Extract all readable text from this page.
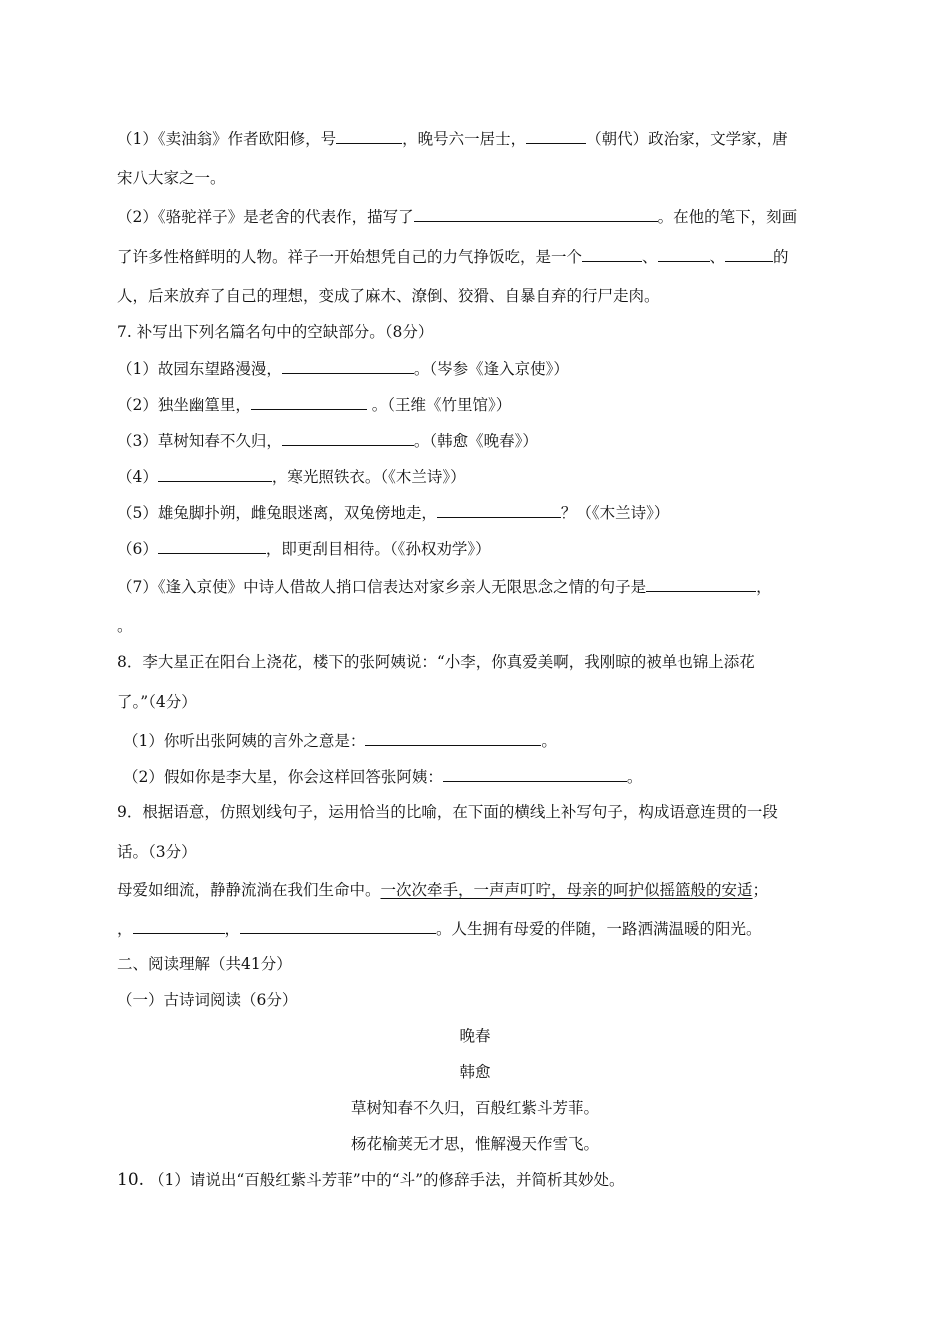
（1）《卖油翁》作者欧阳修，号	，晚号六一居士，	（朝代）政治家，文学家，唐
宋八大家之一。
（2）《骆驼祥子》是老舍的代表作，描写了	。在他的笔下，刻画
了许多性格鲜明的人物。祥子一开始想凭自己的力气挣饭吃，是一个	、	、	的
人，后来放弃了自己的理想，变成了麻木、潦倒、狡猾、自暴自弃的行尸走肉。
7. 补写出下列名篇名句中的空缺部分。（8分）
（1）故园东望路漫漫，	。（岑参《逢入京使》）
（2）独坐幽篁里，	。（王维《竹里馆》）
（3）草树知春不久归，	。（韩愈《晚春》）
（4）	，寒光照铁衣。（《木兰诗》）
（5）雄兔脚扑朔，雌兔眼迷离，双兔傍地走，	？（《木兰诗》）
（6）	，即更刮目相待。（《孙权劝学》）
（7）《逢入京使》中诗人借故人捎口信表达对家乡亲人无限思念之情的句子是	，
。
8．李大星正在阳台上浇花，楼下的张阿姨说：“小李，你真爱美啊，我刚晾的被单也锦上添花
了。”（4分）
（1）你听出张阿姨的言外之意是：	。
（2）假如你是李大星，你会这样回答张阿姨：	。
9．根据语意，仿照划线句子，运用恰当的比喻，在下面的横线上补写句子，构成语意连贯的一段
话。（3分）
母爱如细流，静静流淌在我们生命中。一次次牵手，一声声叮咛，母亲的呵护似摇篮般的安适；
，	，	。人生拥有母爱的伴随，一路洒满温暖的阳光。
二、阅读理解（共41分）
（一）古诗词阅读（6分）
晚春
韩愈
草树知春不久归，百般红紫斗芳菲。
杨花榆荚无才思，惟解漫天作雪飞。
10. （1）请说出“百般红紫斗芳菲”中的“斗”的修辞手法，并简析其妙处。
